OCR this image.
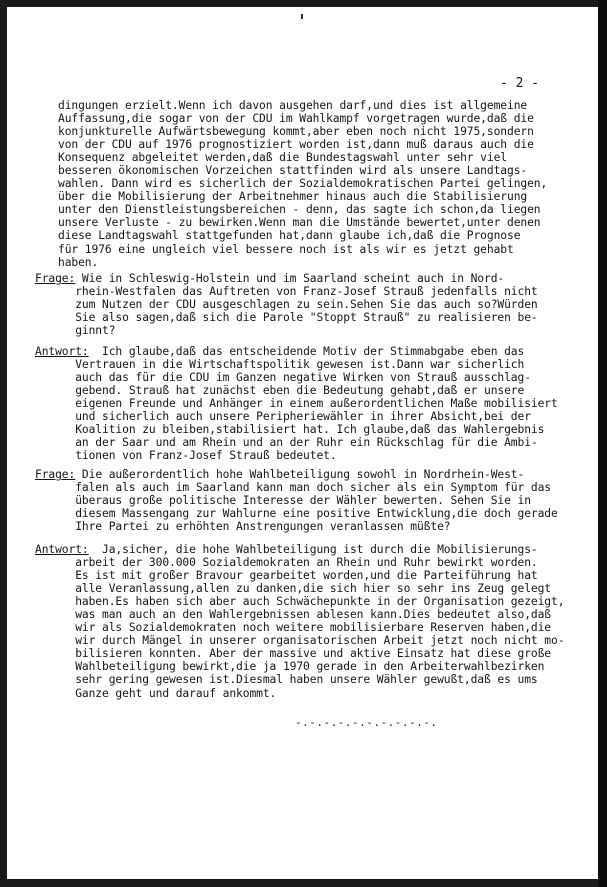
- 2 -

dingungen erzielt.Wenn ich davon ausgehen darf,und dies ist allgemeine
Auffassung,die sogar von der CDU im Wahlkampf vorgetragen wurde,daß die
konjunkturelle Aufwärtsbewegung kommt,aber eben noch nicht 1975,sondern
von der CDU auf 1976 prognostiziert worden ist,dann muß daraus auch die
Konsequenz abgeleitet werden,daß die Bundestagswahl unter sehr viel
besseren ökonomischen Vorzeichen stattfinden wird als unsere Landtags-
wahlen. Dann wird es sicherlich der Sozialdemokratischen Partei gelingen,
über die Mobilisierung der Arbeitnehmer hinaus auch die Stabilisierung
unter den Dienstleistungsbereichen - denn, das sagte ich schon,da liegen
unsere Verluste - zu bewirken.Wenn man die Umstände bewertet,unter denen
diese Landtagswahl stattgefunden hat,dann glaube ich,daß die Prognose
für 1976 eine ungleich viel bessere noch ist als wir es jetzt gehabt
haben.

Frage: Wie in Schleswig-Holstein und im Saarland scheint auch in Nord-
rhein-Westfalen das Auftreten von Franz-Josef Strauß jedenfalls nicht
zum Nutzen der CDU ausgeschlagen zu sein.Sehen Sie das auch so?Würden
Sie also sagen,daß sich die Parole "Stoppt Strauß" zu realisieren be-
ginnt?

Antwort:  Ich glaube,daß das entscheidende Motiv der Stimmabgabe eben das
Vertrauen in die Wirtschaftspolitik gewesen ist.Dann war sicherlich
auch das für die CDU im Ganzen negative Wirken von Strauß ausschlag-
gebend. Strauß hat zunächst eben die Bedeutung gehabt,daß er unsere
eigenen Freunde und Anhänger in einem außerordentlichen Maße mobilisiert
und sicherlich auch unsere Peripheriewähler in ihrer Absicht,bei der
Koalition zu bleiben,stabilisiert hat. Ich glaube,daß das Wahlergebnis
an der Saar und am Rhein und an der Ruhr ein Rückschlag für die Ambi-
tionen von Franz-Josef Strauß bedeutet.

Frage: Die außerordentlich hohe Wahlbeteiligung sowohl in Nordrhein-West-
falen als auch im Saarland kann man doch sicher als ein Symptom für das
überaus große politische Interesse der Wähler bewerten. Sehen Sie in
diesem Massengang zur Wahlurne eine positive Entwicklung,die doch gerade
Ihre Partei zu erhöhten Anstrengungen veranlassen müßte?

Antwort:  Ja,sicher, die hohe Wahlbeteiligung ist durch die Mobilisierungs-
arbeit der 300.000 Sozialdemokraten an Rhein und Ruhr bewirkt worden.
Es ist mit großer Bravour gearbeitet worden,und die Parteiführung hat
alle Veranlassung,allen zu danken,die sich hier so sehr ins Zeug gelegt
haben.Es haben sich aber auch Schwächepunkte in der Organisation gezeigt,
was man auch an den Wahlergebnissen ablesen kann.Dies bedeutet also,daß
wir als Sozialdemokraten noch weitere mobilisierbare Reserven haben,die
wir durch Mängel in unserer organisatorischen Arbeit jetzt noch nicht mo-
bilisieren konnten. Aber der massive und aktive Einsatz hat diese große
Wahlbeteiligung bewirkt,die ja 1970 gerade in den Arbeiterwahlbezirken
sehr gering gewesen ist.Diesmal haben unsere Wähler gewußt,daß es ums
Ganze geht und darauf ankommt.

-.-.-.-.-.-.-.-.-.-.
